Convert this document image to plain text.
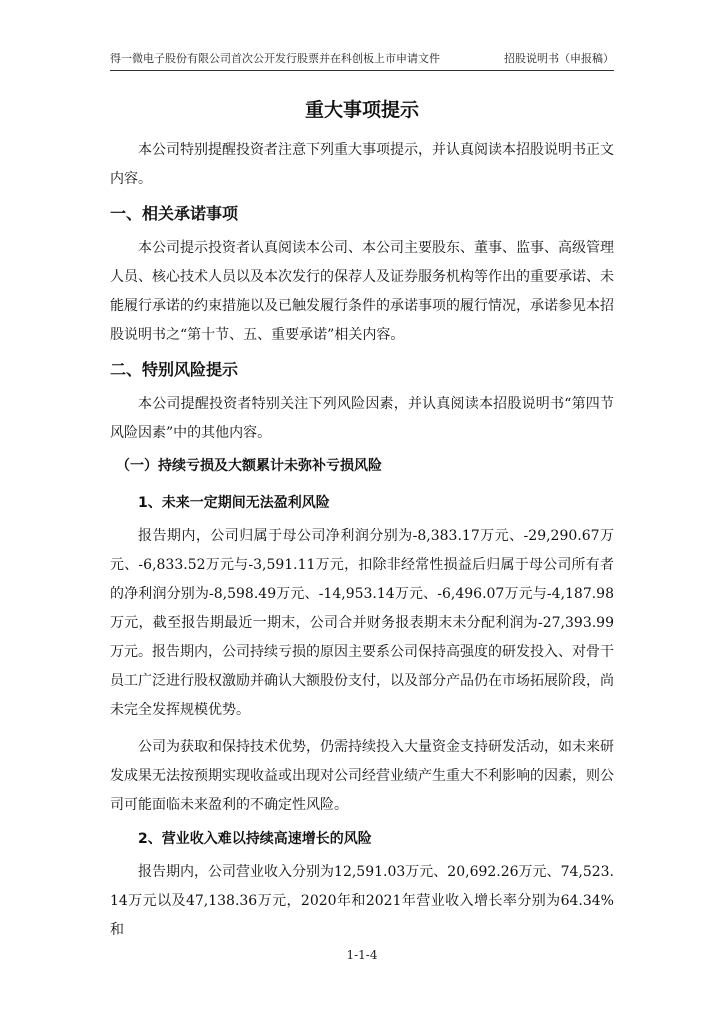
得一微电子股份有限公司首次公开发行股票并在科创板上市申请文件	招股说明书（申报稿）
重大事项提示

本公司特别提醒投资者注意下列重大事项提示，并认真阅读本招股说明书正文内容。

一、相关承诺事项

本公司提示投资者认真阅读本公司、本公司主要股东、董事、监事、高级管理人员、核心技术人员以及本次发行的保荐人及证券服务机构等作出的重要承诺、未能履行承诺的约束措施以及已触发履行条件的承诺事项的履行情况，承诺参见本招股说明书之“第十节、五、重要承诺”相关内容。

二、特别风险提示

本公司提醒投资者特别关注下列风险因素，并认真阅读本招股说明书“第四节 风险因素”中的其他内容。

（一）持续亏损及大额累计未弥补亏损风险
1、未来一定期间无法盈利风险

报告期内，公司归属于母公司净利润分别为-8,383.17万元、-29,290.67万元、-6,833.52万元与-3,591.11万元，扣除非经常性损益后归属于母公司所有者的净利润分别为-8,598.49万元、-14,953.14万元、-6,496.07万元与-4,187.98万元，截至报告期最近一期末，公司合并财务报表期末未分配利润为-27,393.99万元。报告期内，公司持续亏损的原因主要系公司保持高强度的研发投入、对骨干员工广泛进行股权激励并确认大额股份支付，以及部分产品仍在市场拓展阶段，尚未完全发挥规模优势。

公司为获取和保持技术优势，仍需持续投入大量资金支持研发活动，如未来研发成果无法按预期实现收益或出现对公司经营业绩产生重大不利影响的因素，则公司可能面临未来盈利的不确定性风险。

2、营业收入难以持续高速增长的风险

报告期内，公司营业收入分别为12,591.03万元、20,692.26万元、74,523.14万元以及47,138.36万元，2020年和2021年营业收入增长率分别为64.34%和

1-1-4
